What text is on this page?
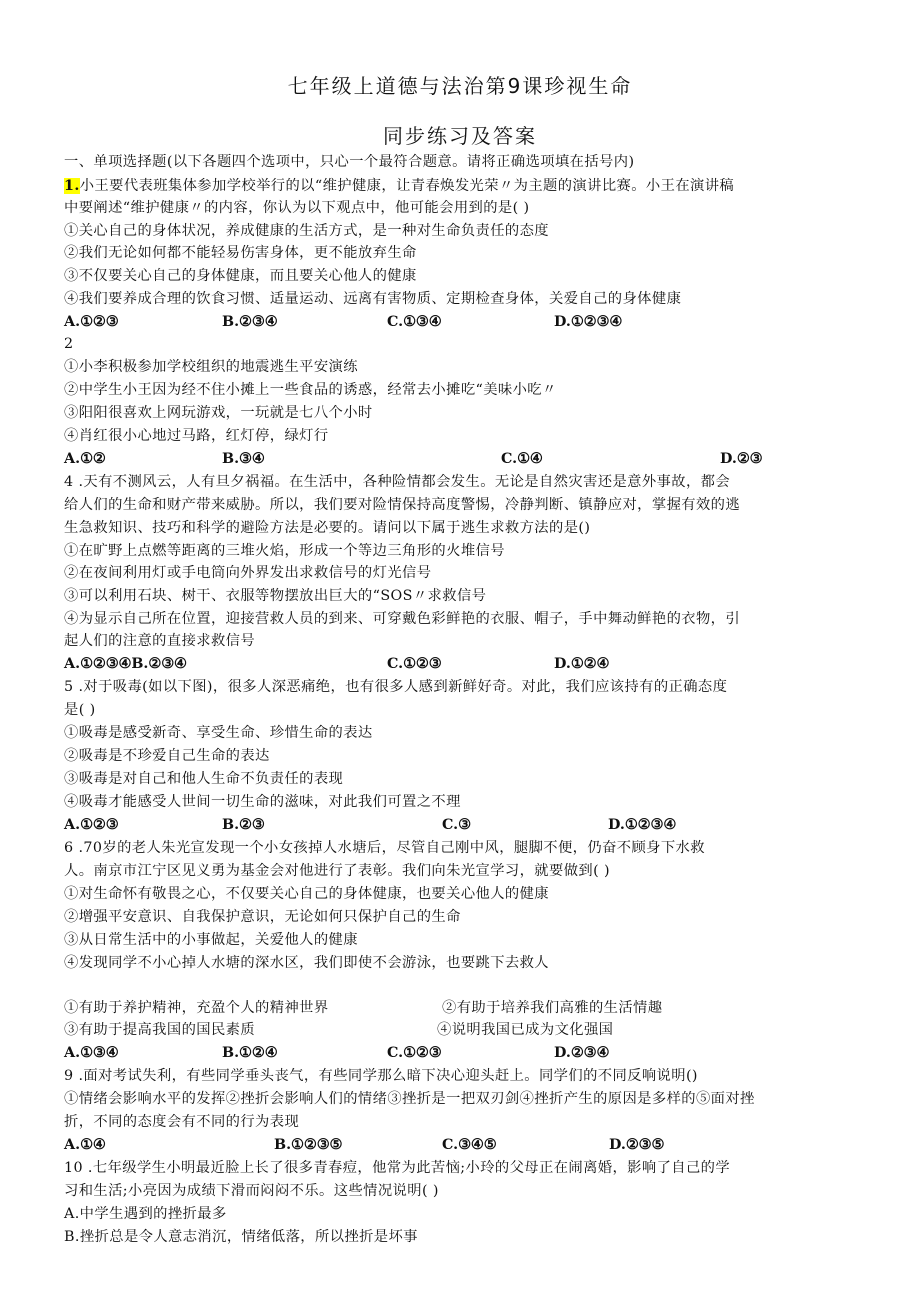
七年级上道德与法治第9课珍视生命
同步练习及答案
一、单项选择题(以下各题四个选项中，只心一个最符合题意。请将正确选项填在括号内)
1.小王要代表班集体参加学校举行的以“维护健康，让青春焕发光荣〃为主题的演讲比赛。小王在演讲稿
中要阐述“维护健康〃的内容，你认为以下观点中，他可能会用到的是( )
①关心自己的身体状况，养成健康的生活方式，是一种对生命负责任的态度
②我们无论如何都不能轻易伤害身体，更不能放弃生命
③不仅要关心自己的身体健康，而且要关心他人的健康
④我们要养成合理的饮食习惯、适量运动、远离有害物质、定期检查身体，关爱自己的身体健康
A.①②③	B.②③④	C.①③④	D.①②③④
2
①小李积极参加学校组织的地震逃生平安演练
②中学生小王因为经不住小摊上一些食品的诱惑，经常去小摊吃“美味小吃〃
③阳阳很喜欢上网玩游戏，一玩就是七八个小时
④肖红很小心地过马路，红灯停，绿灯行
A.①②	B.③④	C.①④	D.②③
4 .天有不测风云，人有旦夕祸福。在生活中，各种险情都会发生。无论是自然灾害还是意外事故，都会
给人们的生命和财产带来威胁。所以，我们要对险情保持高度警惕，冷静判断、镇静应对，掌握有效的逃
生急救知识、技巧和科学的避险方法是必要的。请问以下属于逃生求救方法的是()
①在旷野上点燃等距离的三堆火焰，形成一个等边三角形的火堆信号
②在夜间利用灯或手电筒向外界发出求救信号的灯光信号
③可以利用石块、树干、衣服等物摆放出巨大的“SOS〃求救信号
④为显示自己所在位置，迎接营救人员的到来、可穿戴色彩鲜艳的衣服、帽子，手中舞动鲜艳的衣物，引
起人们的注意的直接求救信号
A.①②③④B.②③④	C.①②③	D.①②④
5 .对于吸毒(如以下图)，很多人深恶痛绝，也有很多人感到新鲜好奇。对此，我们应该持有的正确态度
是( )
①吸毒是感受新奇、享受生命、珍惜生命的表达
②吸毒是不珍爱自己生命的表达
③吸毒是对自己和他人生命不负责任的表现
④吸毒才能感受人世间一切生命的滋味，对此我们可置之不理
A.①②③	B.②③	C.③	D.①②③④
6 .70岁的老人朱光宣发现一个小女孩掉人水塘后，尽管自己刚中风，腿脚不便，仍奋不顾身下水救
人。南京市江宁区见义勇为基金会对他进行了表彰。我们向朱光宣学习，就要做到( )
①对生命怀有敬畏之心，不仅要关心自己的身体健康，也要关心他人的健康
②增强平安意识、自我保护意识，无论如何只保护自己的生命
③从日常生活中的小事做起，关爱他人的健康
④发现同学不小心掉人水塘的深水区，我们即使不会游泳，也要跳下去救人
①有助于养护精神，充盈个人的精神世界	②有助于培养我们高雅的生活情趣
③有助于提高我国的国民素质	④说明我国已成为文化强国
A.①③④	B.①②④	C.①②③	D.②③④
9 .面对考试失利，有些同学垂头丧气，有些同学那么暗下决心迎头赶上。同学们的不同反响说明()
①情绪会影响水平的发挥②挫折会影响人们的情绪③挫折是一把双刃剑④挫折产生的原因是多样的⑤面对挫
折，不同的态度会有不同的行为表现
A.①④	B.①②③⑤	C.③④⑤	D.②③⑤
10 .七年级学生小明最近脸上长了很多青春痘，他常为此苦恼;小玲的父母正在闹离婚，影响了自己的学
习和生活;小亮因为成绩下滑而闷闷不乐。这些情况说明( )
A.中学生遇到的挫折最多
B.挫折总是令人意志消沉，情绪低落，所以挫折是坏事
